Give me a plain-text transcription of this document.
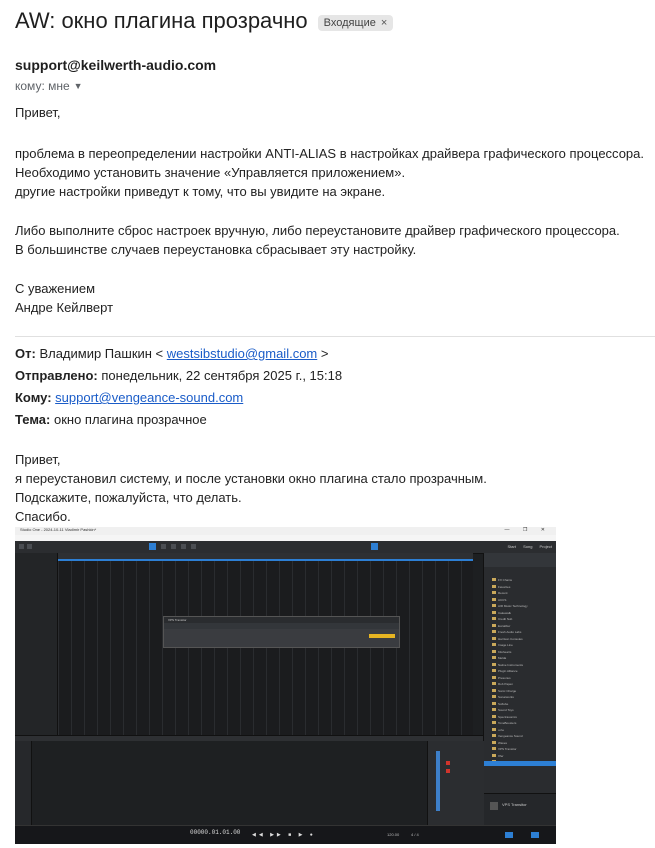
AW: окно плагина прозрачно Входящие ×
support@keilwerth-audio.com
кому: мне ▼
Привет,
проблема в переопределении настройки ANTI-ALIAS в настройках драйвера графического процессора.
Необходимо установить значение «Управляется приложением».
другие настройки приведут к тому, что вы увидите на экране.
Либо выполните сброс настроек вручную, либо переустановите драйвер графического процессора.
В большинстве случаев переустановка сбрасывает эту настройку.
С уважением
Андре Кейлверт
От: Владимир Пашкин < westsibstudio@gmail.com >
Отправлено: понедельник, 22 сентября 2025 г., 15:18
Кому: support@vengeance-sound.com
Тема: окно плагина прозрачное
Привет,
я переустановил систему, и после установки окно плагина стало прозрачным.
Подскажите, пожалуйста, что делать.
Спасибо.
Studio One - 2024-10-11 Vladimir Pashkin*	— ❐ ✕
Start Song Project
VPS Transitor
FX Chains
Favorites
Recent
ACCS
AIR Music Technology
Cakewalk
Credit Nub
Excalibur
Fresh Audio Labs
Harrison Consoles
Image Line
Kilohearts
Melda
Native Instruments
Plugin Alliance
Presonus
Rob Papen
Sonic Charge
Sonarworks
Softube
Sound Toys
Spectrasonics
ToneBoosters
u-he
Vengeance Sound
Waves
VPS Transitor
Xfer
VPS Transitor
00000.01.01.00 ◀◀ ▶▶ ■ ▶ ●	120.00	4 / 4
